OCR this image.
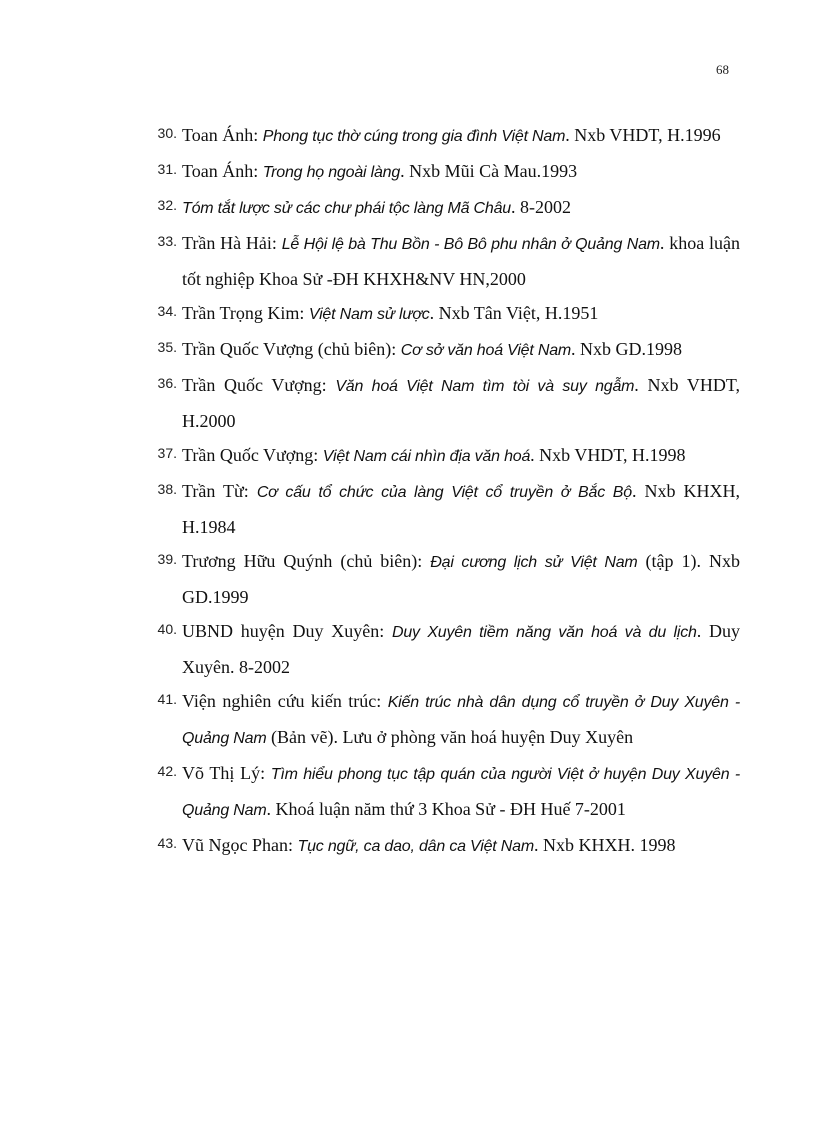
68
30. Toan Ánh: Phong tục thờ cúng trong gia đình Việt Nam. Nxb VHDT, H.1996
31. Toan Ánh: Trong họ ngoài làng. Nxb Mũi Cà Mau.1993
32. Tóm tắt lược sử các chư phái tộc làng Mã Châu. 8-2002
33. Trần Hà Hải: Lễ Hội lệ bà Thu Bồn - Bô Bô phu nhân ở Quảng Nam. khoa luận tốt nghiệp Khoa Sử -ĐH KHXH&NV HN,2000
34. Trần Trọng Kim: Việt Nam sử lược. Nxb Tân Việt, H.1951
35. Trần Quốc Vượng (chủ biên): Cơ sở văn hoá Việt Nam. Nxb GD.1998
36. Trần Quốc Vượng: Văn hoá Việt Nam tìm tòi và suy ngẫm. Nxb VHDT, H.2000
37. Trần Quốc Vượng: Việt Nam cái nhìn địa văn hoá. Nxb VHDT, H.1998
38. Trần Từ: Cơ cấu tổ chức của làng Việt cổ truyền ở Bắc Bộ. Nxb KHXH, H.1984
39. Trương Hữu Quýnh (chủ biên): Đại cương lịch sử Việt Nam (tập 1). Nxb GD.1999
40. UBND huyện Duy Xuyên: Duy Xuyên tiềm năng văn hoá và du lịch. Duy Xuyên. 8-2002
41. Viện nghiên cứu kiến trúc: Kiến trúc nhà dân dụng cổ truyền ở Duy Xuyên - Quảng Nam (Bản vẽ). Lưu ở phòng văn hoá huyện Duy Xuyên
42. Võ Thị Lý: Tìm hiểu phong tục tập quán của người Việt ở huyện Duy Xuyên - Quảng Nam. Khoá luận năm thứ 3 Khoa Sử - ĐH Huế 7-2001
43. Vũ Ngọc Phan: Tục ngữ, ca dao, dân ca Việt Nam. Nxb KHXH. 1998
